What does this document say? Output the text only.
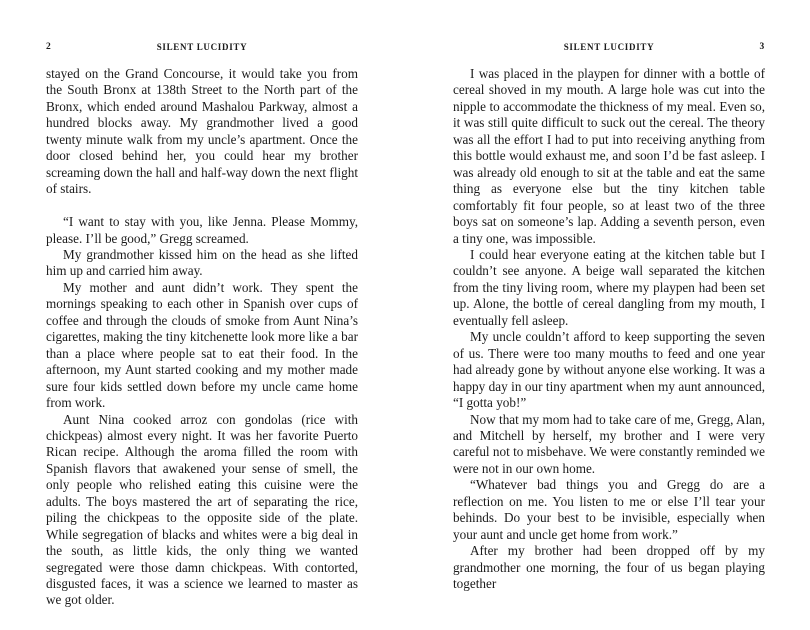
2	SILENT LUCIDITY

stayed on the Grand Concourse, it would take you from the South Bronx at 138th Street to the North part of the Bronx, which ended around Mashalou Parkway, almost a hundred blocks away. My grandmother lived a good twenty minute walk from my uncle’s apartment. Once the door closed behind her, you could hear my brother screaming down the hall and half-way down the next flight of stairs.

“I want to stay with you, like Jenna. Please Mommy, please. I’ll be good,” Gregg screamed.

My grandmother kissed him on the head as she lifted him up and carried him away.

My mother and aunt didn’t work. They spent the mornings speaking to each other in Spanish over cups of coffee and through the clouds of smoke from Aunt Nina’s cigarettes, making the tiny kitchenette look more like a bar than a place where people sat to eat their food. In the afternoon, my Aunt started cooking and my mother made sure four kids settled down before my uncle came home from work.

Aunt Nina cooked arroz con gondolas (rice with chickpeas) almost every night. It was her favorite Puerto Rican recipe. Although the aroma filled the room with Spanish flavors that awakened your sense of smell, the only people who relished eating this cuisine were the adults. The boys mastered the art of separating the rice, piling the chickpeas to the opposite side of the plate. While segregation of blacks and whites were a big deal in the south, as little kids, the only thing we wanted segregated were those damn chickpeas. With contorted, disgusted faces, it was a science we learned to master as we got older.

SILENT LUCIDITY	3

I was placed in the playpen for dinner with a bottle of cereal shoved in my mouth. A large hole was cut into the nipple to accommodate the thickness of my meal. Even so, it was still quite difficult to suck out the cereal. The theory was all the effort I had to put into receiving anything from this bottle would exhaust me, and soon I’d be fast asleep. I was already old enough to sit at the table and eat the same thing as everyone else but the tiny kitchen table comfortably fit four people, so at least two of the three boys sat on someone’s lap. Adding a seventh person, even a tiny one, was impossible.

I could hear everyone eating at the kitchen table but I couldn’t see anyone. A beige wall separated the kitchen from the tiny living room, where my playpen had been set up. Alone, the bottle of cereal dangling from my mouth, I eventually fell asleep.

My uncle couldn’t afford to keep supporting the seven of us. There were too many mouths to feed and one year had already gone by without anyone else working. It was a happy day in our tiny apartment when my aunt announced, “I gotta yob!”

Now that my mom had to take care of me, Gregg, Alan, and Mitchell by herself, my brother and I were very careful not to misbehave. We were constantly reminded we were not in our own home.

“Whatever bad things you and Gregg do are a reflection on me. You listen to me or else I’ll tear your behinds. Do your best to be invisible, especially when your aunt and uncle get home from work.”

After my brother had been dropped off by my grandmother one morning, the four of us began playing together
